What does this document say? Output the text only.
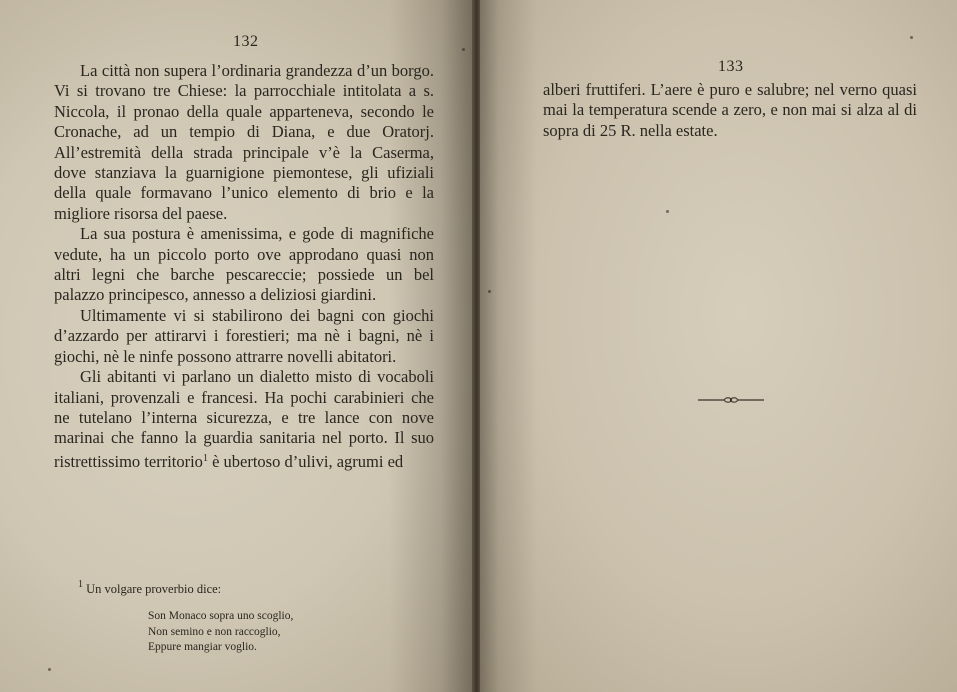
132

La città non supera l’ordinaria grandezza d’un borgo. Vi si trovano tre Chiese: la parrocchiale intitolata a s. Niccola, il pronao della quale apparteneva, secondo le Cronache, ad un tempio di Diana, e due Oratorj. All’estremità della strada principale v’è la Caserma, dove stanziava la guarnigione piemontese, gli ufiziali della quale formavano l’unico elemento di brio e la migliore risorsa del paese.

La sua postura è amenissima, e gode di magnifiche vedute, ha un piccolo porto ove approdano quasi non altri legni che barche pescareccie; possiede un bel palazzo principesco, annesso a deliziosi giardini.

Ultimamente vi si stabilirono dei bagni con giochi d’azzardo per attirarvi i forestieri; ma nè i bagni, nè i giochi, nè le ninfe possono attrarre novelli abitatori.

Gli abitanti vi parlano un dialetto misto di vocaboli italiani, provenzali e francesi. Ha pochi carabinieri che ne tutelano l’interna sicurezza, e tre lance con nove marinai che fanno la guardia sanitaria nel porto. Il suo ristrettissimo territorio$^1$ è ubertoso d’ulivi, agrumi ed

$^1$ Un volgare proverbio dice:

Son Monaco sopra uno scoglio,
Non semino e non raccoglio,
Eppure mangiar voglio.
133

alberi fruttiferi. L’aere è puro e salubre; nel verno quasi mai la temperatura scende a zero, e non mai si alza al di sopra di 25 R. nella estate.
